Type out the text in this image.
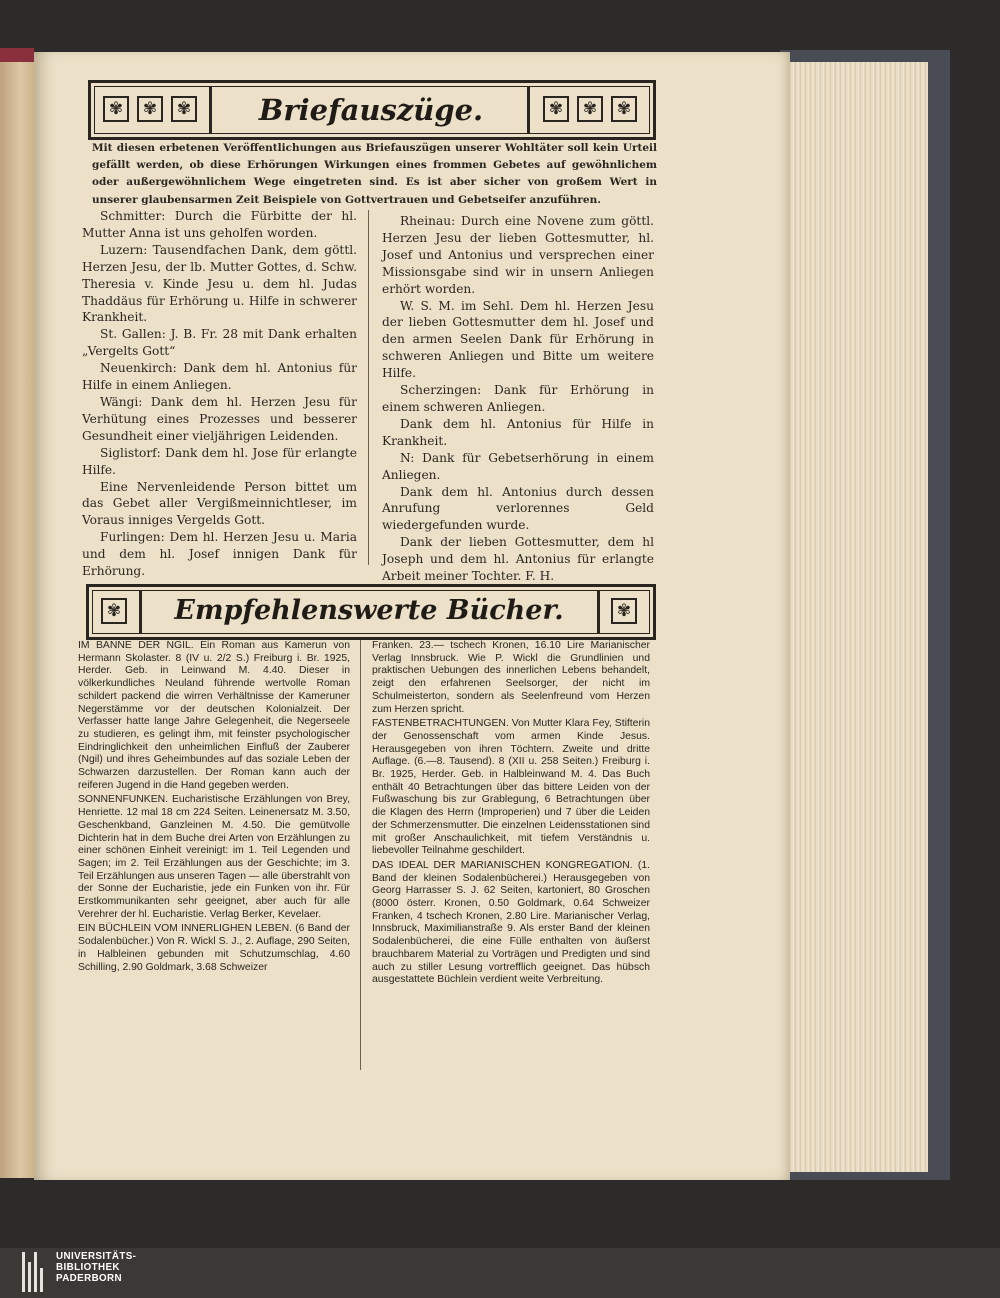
✾
✾
✾
Briefauszüge.
✾
✾
✾
Mit diesen erbetenen Veröffentlichungen aus Briefauszügen unserer Wohltäter soll kein Urteil gefällt werden, ob diese Erhörungen Wirkungen eines frommen Gebetes auf gewöhnlichem oder außergewöhnlichem Wege eingetreten sind. Es ist aber sicher von großem Wert in unserer glaubensarmen Zeit Beispiele von Gottvertrauen und Gebetseifer anzuführen.

Schmitter: Durch die Fürbitte der hl. Mutter Anna ist uns geholfen worden.

Luzern: Tausendfachen Dank, dem göttl. Herzen Jesu, der lb. Mutter Gottes, d. Schw. Theresia v. Kinde Jesu u. dem hl. Judas Thaddäus für Erhörung u. Hilfe in schwerer Krankheit.

St. Gallen: J. B. Fr. 28 mit Dank erhalten „Vergelts Gott“

Neuenkirch: Dank dem hl. Antonius für Hilfe in einem Anliegen.

Wängi: Dank dem hl. Herzen Jesu für Verhütung eines Prozesses und besserer Gesundheit einer vieljährigen Leidenden.

Siglistorf: Dank dem hl. Jose für erlangte Hilfe.

Eine Nervenleidende Person bittet um das Gebet aller Vergißmeinnichtleser, im Voraus inniges Vergelds Gott.

Furlingen: Dem hl. Herzen Jesu u. Maria und dem hl. Josef innigen Dank für Erhörung.

Rheinau: Durch eine Novene zum göttl. Herzen Jesu der lieben Gottesmutter, hl. Josef und Antonius und versprechen einer Missionsgabe sind wir in unsern Anliegen erhört worden.

W. S. M. im Sehl. Dem hl. Herzen Jesu der lieben Gottesmutter dem hl. Josef und den armen Seelen Dank für Erhörung in schweren Anliegen und Bitte um weitere Hilfe.

Scherzingen: Dank für Erhörung in einem schweren Anliegen.

Dank dem hl. Antonius für Hilfe in Krankheit.

N: Dank für Gebetserhörung in einem Anliegen.

Dank dem hl. Antonius durch dessen Anrufung verlorennes Geld wiedergefunden wurde.

Dank der lieben Gottesmutter, dem hl Joseph und dem hl. Antonius für erlangte Arbeit meiner Tochter. F. H.

✾
Empfehlenswerte Bücher.
✾

IM BANNE DER NGIL. Ein Roman aus Kamerun von Hermann Skolaster. 8 (IV u. 2/2 S.) Freiburg i. Br. 1925, Herder. Geb. in Leinwand M. 4.40. Dieser in völkerkundliches Neuland führende wertvolle Roman schildert packend die wirren Verhältnisse der Kameruner Negerstämme vor der deutschen Kolonialzeit. Der Verfasser hatte lange Jahre Gelegenheit, die Negerseele zu studieren, es gelingt ihm, mit feinster psychologischer Eindringlichkeit den unheimlichen Einfluß der Zauberer (Ngil) und ihres Geheimbundes auf das soziale Leben der Schwarzen darzustellen. Der Roman kann auch der reiferen Jugend in die Hand gegeben werden.

SONNENFUNKEN. Eucharistische Erzählungen von Brey, Henriette. 12 mal 18 cm 224 Seiten. Leinenersatz M. 3.50, Geschenkband, Ganzleinen M. 4.50. Die gemütvolle Dichterin hat in dem Buche drei Arten von Erzählungen zu einer schönen Einheit vereinigt: im 1. Teil Legenden und Sagen; im 2. Teil Erzählungen aus der Geschichte; im 3. Teil Erzählungen aus unseren Tagen — alle überstrahlt von der Sonne der Eucharistie, jede ein Funken von ihr. Für Erstkommunikanten sehr geeignet, aber auch für alle Verehrer der hl. Eucharistie. Verlag Berker, Kevelaer.

EIN BÜCHLEIN VOM INNERLIGHEN LEBEN. (6 Band der Sodalenbücher.) Von R. Wickl S. J., 2. Auflage, 290 Seiten, in Halbleinen gebunden mit Schutzumschlag, 4.60 Schilling, 2.90 Goldmark, 3.68 Schweizer

Franken. 23.— tschech Kronen, 16.10 Lire Marianischer Verlag Innsbruck. Wie P. Wickl die Grundlinien und praktischen Uebungen des innerlichen Lebens behandelt, zeigt den erfahrenen Seelsorger, der nicht im Schulmeisterton, sondern als Seelenfreund vom Herzen zum Herzen spricht.

FASTENBETRACHTUNGEN. Von Mutter Klara Fey, Stifterin der Genossenschaft vom armen Kinde Jesus. Herausgegeben von ihren Töchtern. Zweite und dritte Auflage. (6.—8. Tausend). 8 (XII u. 258 Seiten.) Freiburg i. Br. 1925, Herder. Geb. in Halbleinwand M. 4. Das Buch enthält 40 Betrachtungen über das bittere Leiden von der Fußwaschung bis zur Grablegung, 6 Betrachtungen über die Klagen des Herrn (Improperien) und 7 über die Leiden der Schmerzensmutter. Die einzelnen Leidensstationen sind mit großer Anschaulichkeit, mit tiefem Verständnis u. liebevoller Teilnahme geschildert.

DAS IDEAL DER MARIANISCHEN KONGREGATION. (1. Band der kleinen Sodalenbücherei.) Herausgegeben von Georg Harrasser S. J. 62 Seiten, kartoniert, 80 Groschen (8000 österr. Kronen, 0.50 Goldmark, 0.64 Schweizer Franken, 4 tschech Kronen, 2.80 Lire. Marianischer Verlag, Innsbruck, Maximilianstraße 9. Als erster Band der kleinen Sodalenbücherei, die eine Fülle enthalten von äußerst brauchbarem Material zu Vorträgen und Predigten und sind auch zu stiller Lesung vortrefflich geeignet. Das hübsch ausgestattete Büchlein verdient weite Verbreitung.

UNIVERSITÄTS-
BIBLIOTHEK
PADERBORN
